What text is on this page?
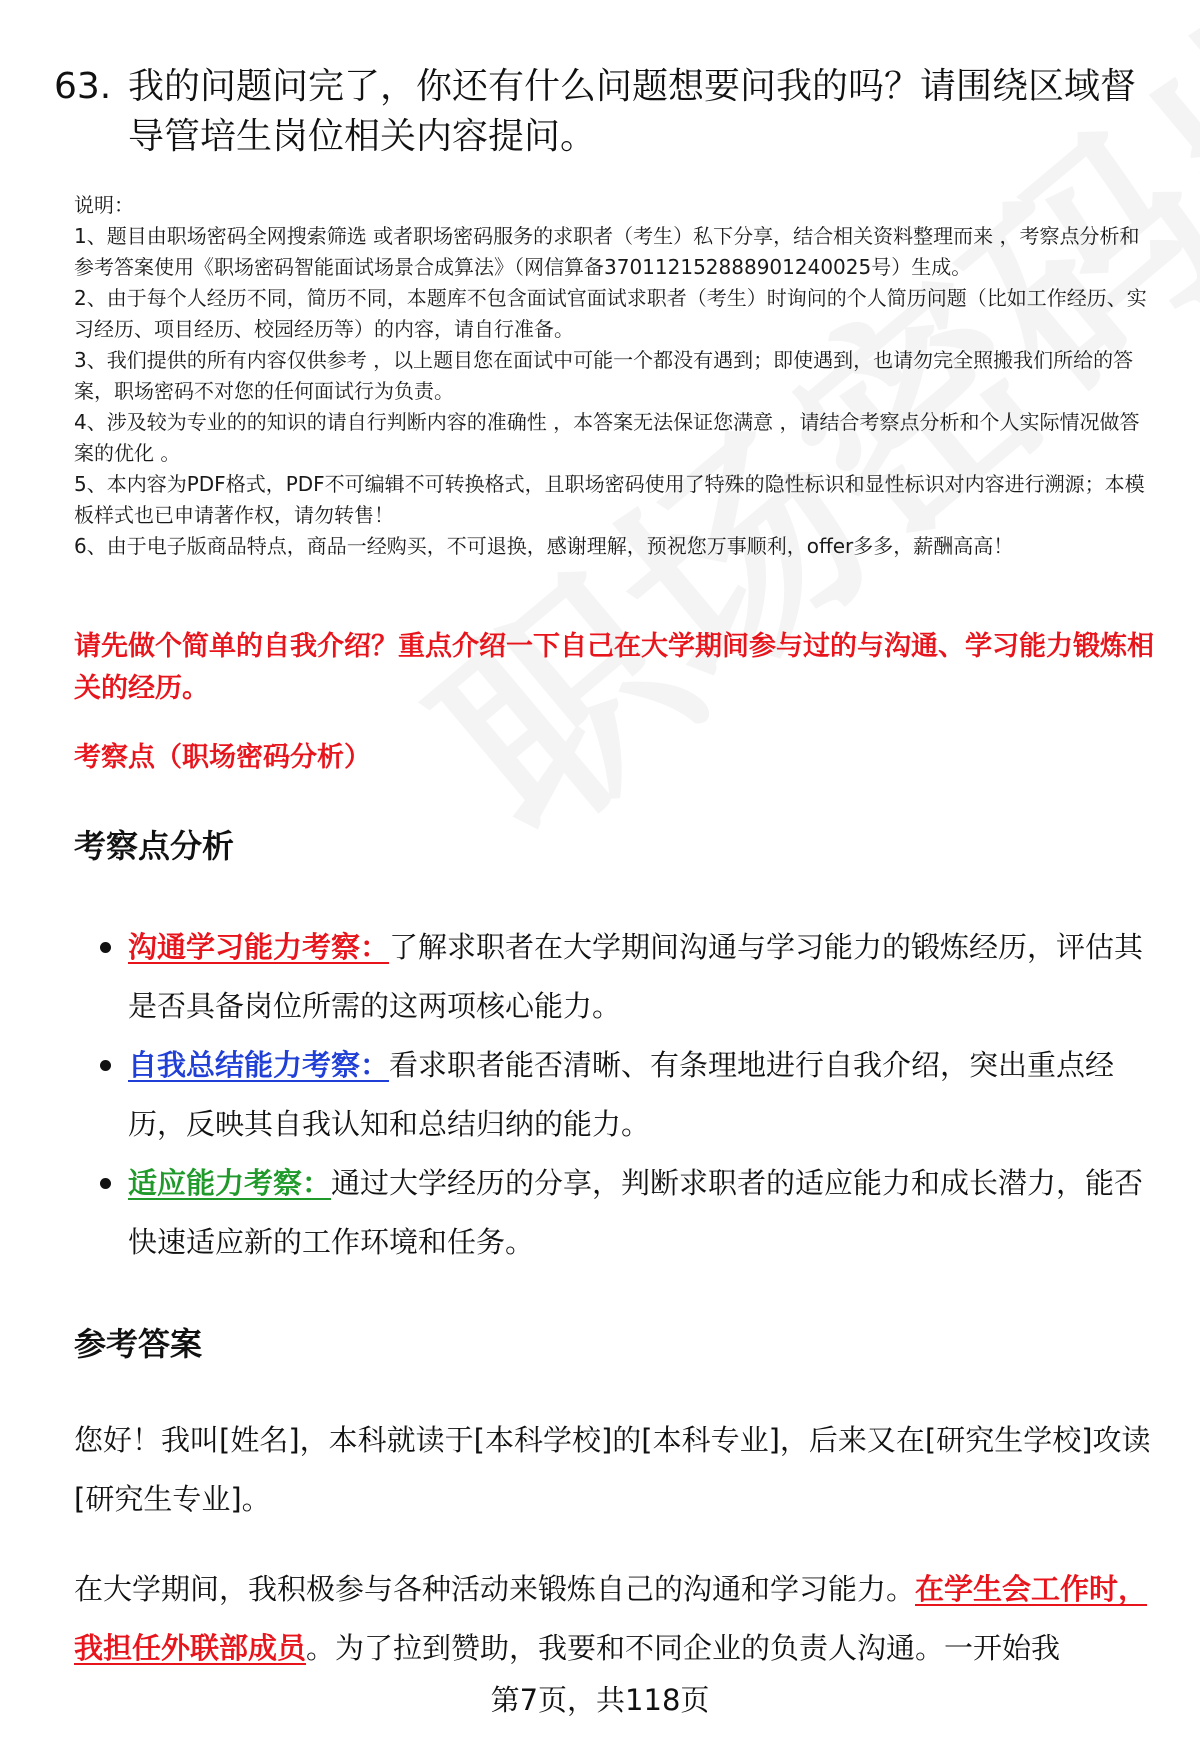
63. 我的问题问完了，你还有什么问题想要问我的吗？请围绕区域督导管培生岗位相关内容提问。
说明：
1、题目由职场密码全网搜索筛选 或者职场密码服务的求职者（考生）私下分享，结合相关资料整理而来 ，考察点分析和参考答案使用《职场密码智能面试场景合成算法》（网信算备370112152888901240025号）生成。
2、由于每个人经历不同，简历不同，本题库不包含面试官面试求职者（考生）时询问的个人简历问题（比如工作经历、实习经历、项目经历、校园经历等）的内容，请自行准备。
3、我们提供的所有内容仅供参考 ，以上题目您在面试中可能一个都没有遇到；即使遇到，也请勿完全照搬我们所给的答案，职场密码不对您的任何面试行为负责。
4、涉及较为专业的的知识的请自行判断内容的准确性 ，本答案无法保证您满意 ，请结合考察点分析和个人实际情况做答案的优化 。
5、本内容为PDF格式，PDF不可编辑不可转换格式，且职场密码使用了特殊的隐性标识和显性标识对内容进行溯源；本模板样式也已申请著作权，请勿转售！
6、由于电子版商品特点，商品一经购买，不可退换，感谢理解，预祝您万事顺利，offer多多，薪酬高高！
请先做个简单的自我介绍？重点介绍一下自己在大学期间参与过的与沟通、学习能力锻炼相关的经历。
考察点（职场密码分析）
考察点分析
沟通学习能力考察：了解求职者在大学期间沟通与学习能力的锻炼经历，评估其是否具备岗位所需的这两项核心能力。
自我总结能力考察：看求职者能否清晰、有条理地进行自我介绍，突出重点经历，反映其自我认知和总结归纳的能力。
适应能力考察：通过大学经历的分享，判断求职者的适应能力和成长潜力，能否快速适应新的工作环境和任务。
参考答案
您好！我叫[姓名]，本科就读于[本科学校]的[本科专业]，后来又在[研究生学校]攻读[研究生专业]。
在大学期间，我积极参与各种活动来锻炼自己的沟通和学习能力。在学生会工作时，我担任外联部成员。为了拉到赞助，我要和不同企业的负责人沟通。一开始我
第7页，共118页
